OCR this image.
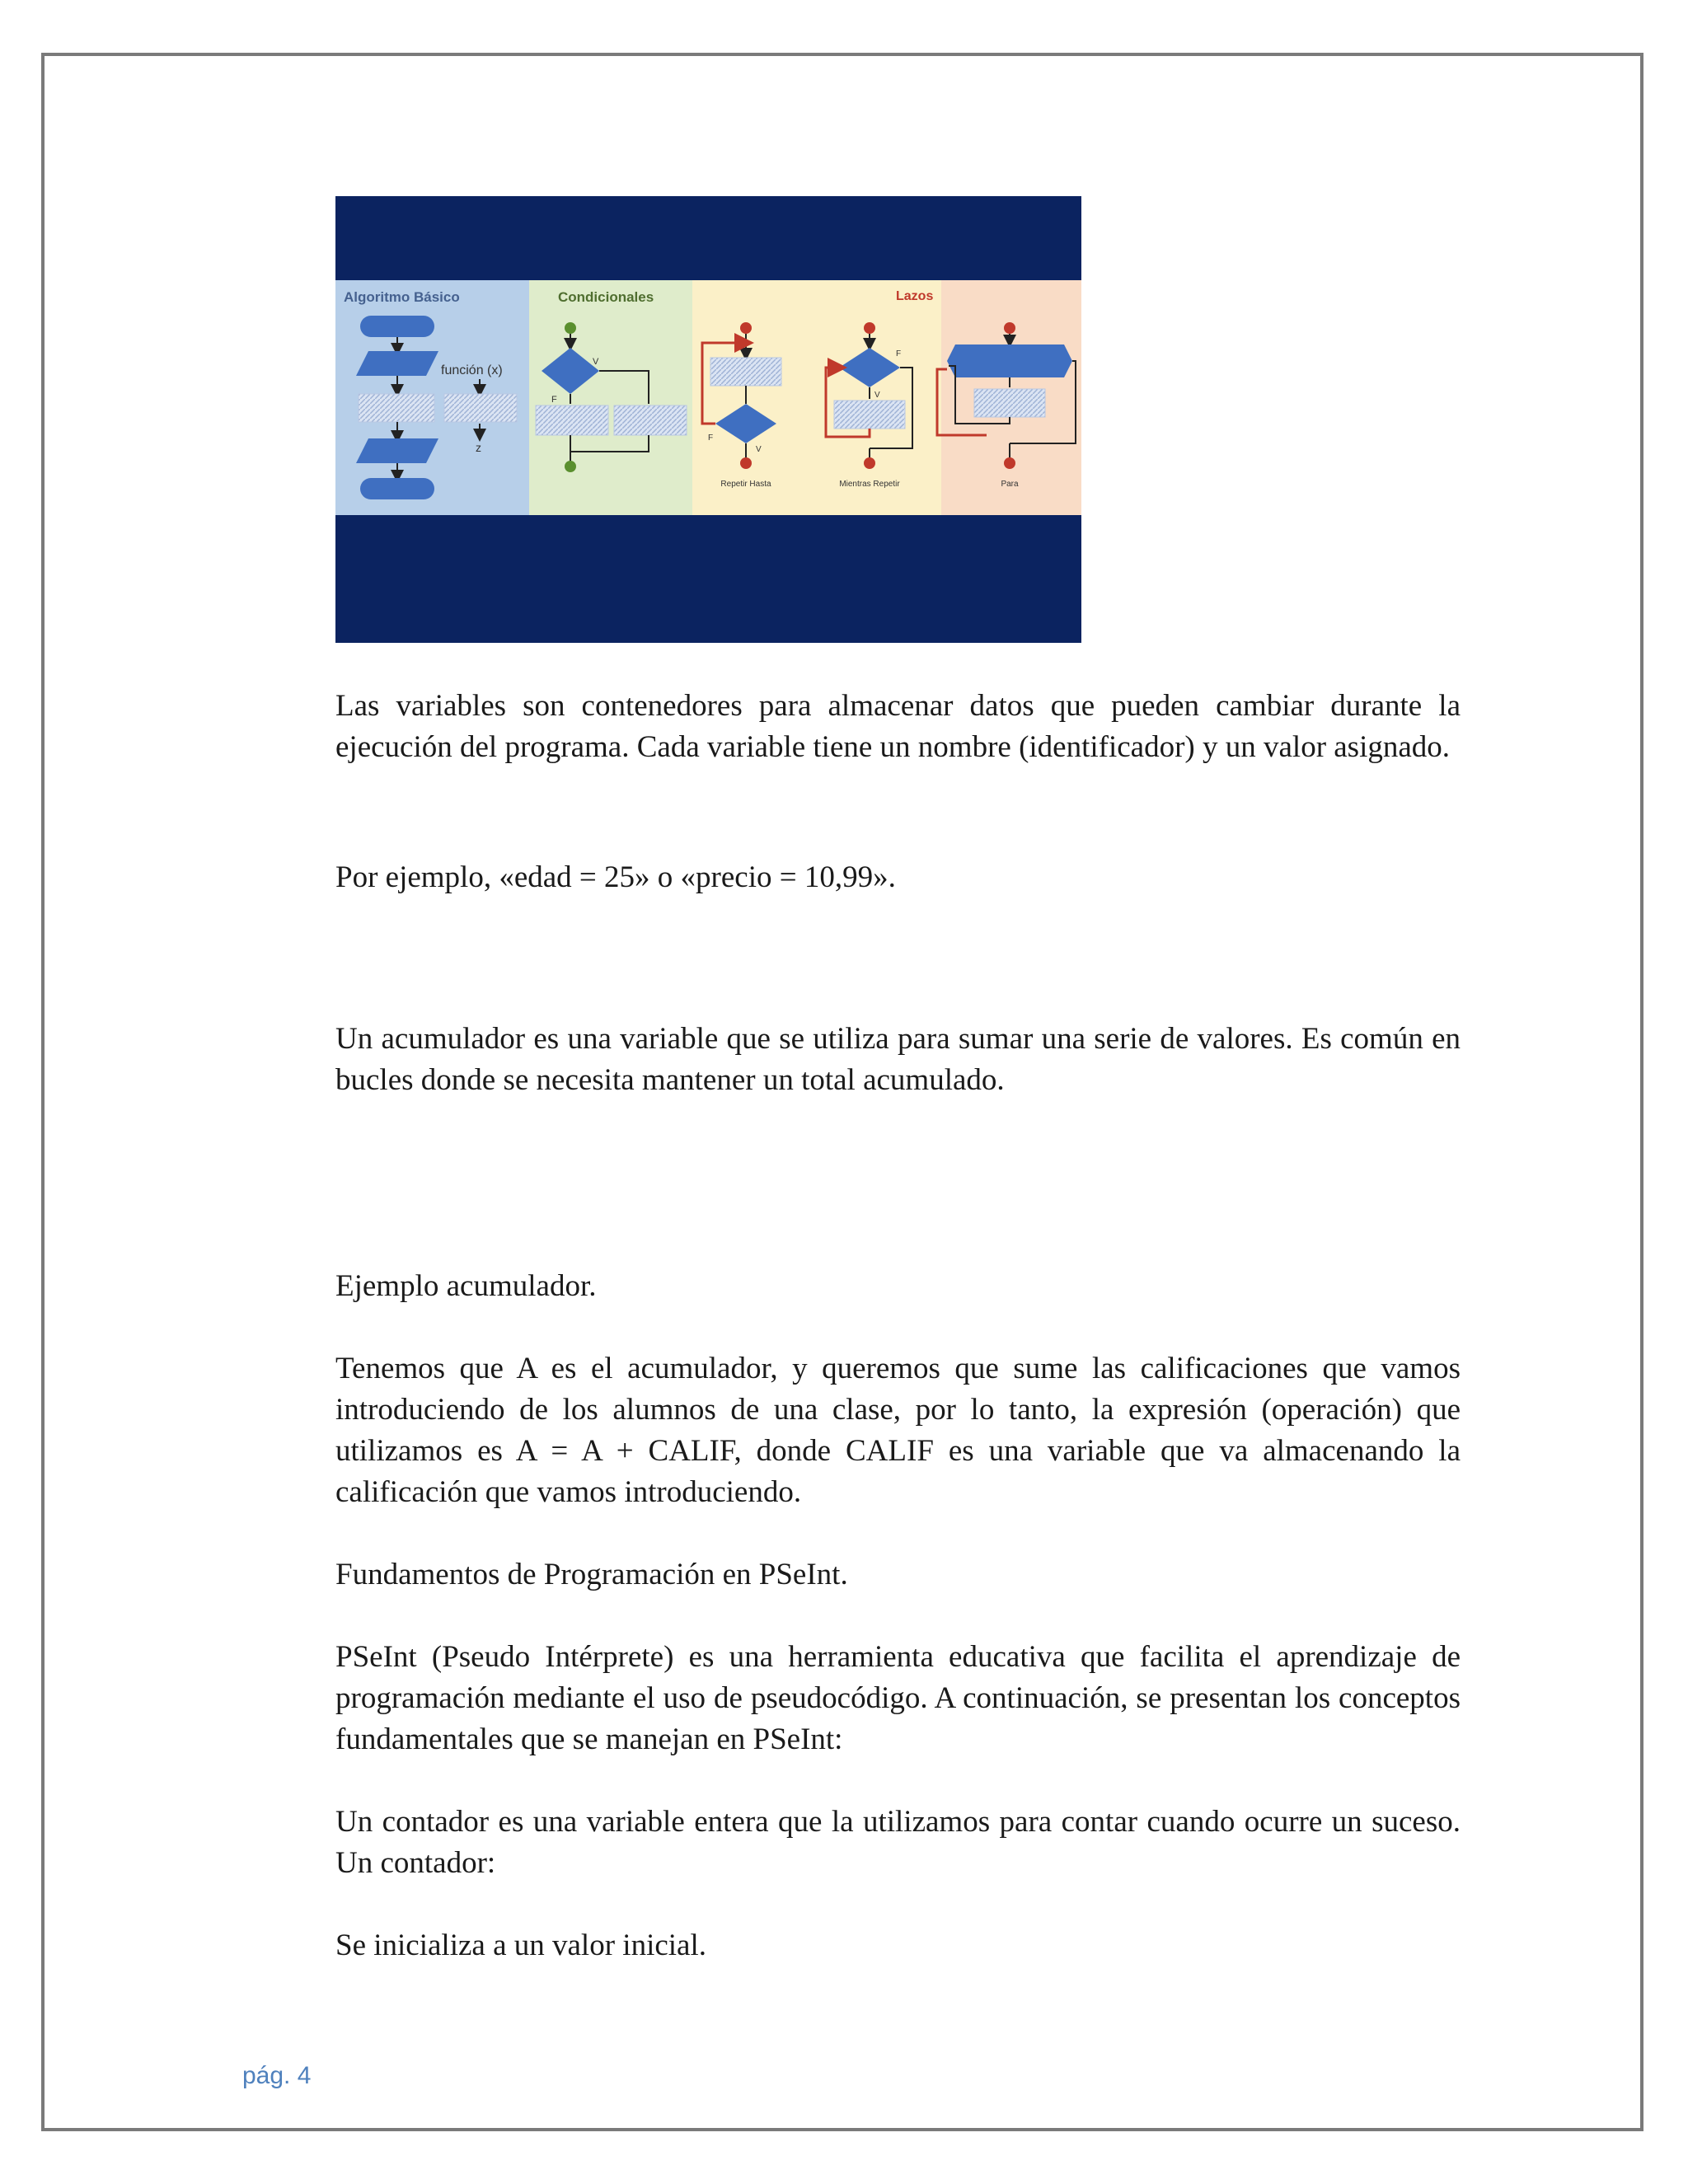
Algoritmo Básico	Condicionales	Lazos
función (x)
z
V
F
F
V
Repetir Hasta
F
V
Mientras Repetir	Para

Las variables son contenedores para almacenar datos que pueden cambiar durante la ejecución del programa. Cada variable tiene un nombre (identificador) y un valor asignado.

Por ejemplo, «edad = 25» o «precio = 10,99».

Un acumulador es una variable que se utiliza para sumar una serie de valores. Es común en bucles donde se necesita mantener un total acumulado.

Ejemplo acumulador.

Tenemos que A es el acumulador, y queremos que sume las calificaciones que vamos introduciendo de los alumnos de una clase, por lo tanto, la expresión (operación) que utilizamos es A = A + CALIF, donde CALIF es una variable que va almacenando la calificación que vamos introduciendo.

Fundamentos de Programación en PSeInt.

PSeInt (Pseudo Intérprete) es una herramienta educativa que facilita el aprendizaje de programación mediante el uso de pseudocódigo. A continuación, se presentan los conceptos fundamentales que se manejan en PSeInt:

Un contador es una variable entera que la utilizamos para contar cuando ocurre un suceso. Un contador:

Se inicializa a un valor inicial.

pág. 4
